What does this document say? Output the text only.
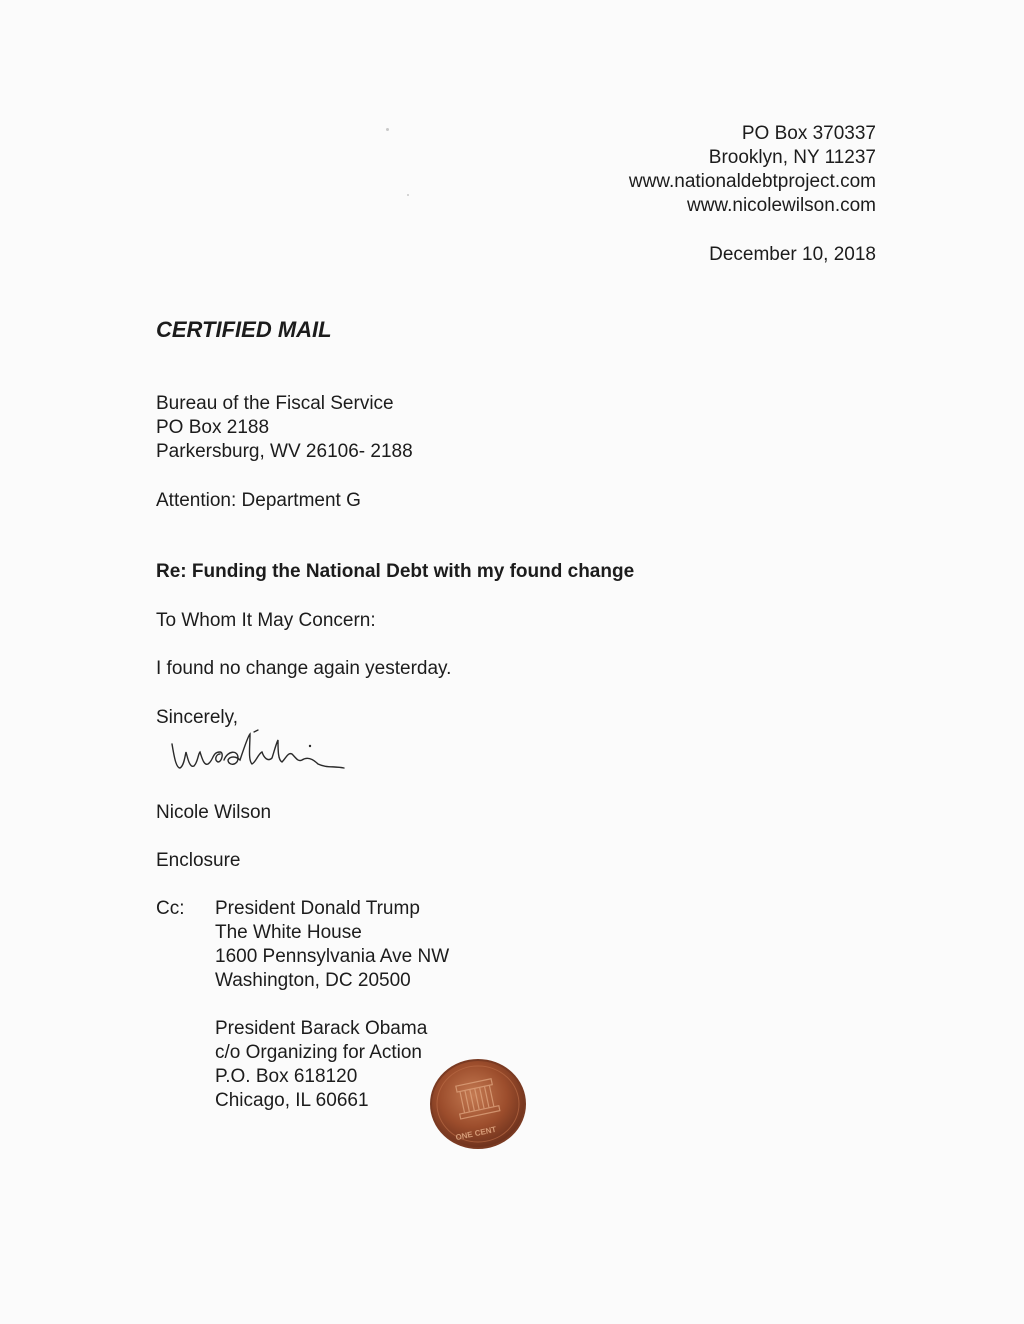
PO Box 370337
Brooklyn, NY 11237
www.nationaldebtproject.com
www.nicolewilson.com
December 10, 2018
CERTIFIED MAIL
Bureau of the Fiscal Service
PO Box 2188
Parkersburg, WV 26106- 2188
Attention: Department G
Re: Funding the National Debt with my found change
To Whom It May Concern:
I found no change again yesterday.
Sincerely,
Nicole Wilson
Enclosure
Cc: President Donald Trump
The White House
1600 Pennsylvania Ave NW
Washington, DC 20500
President Barack Obama
c/o Organizing for Action
P.O. Box 618120
Chicago, IL 60661
ONE CENT
